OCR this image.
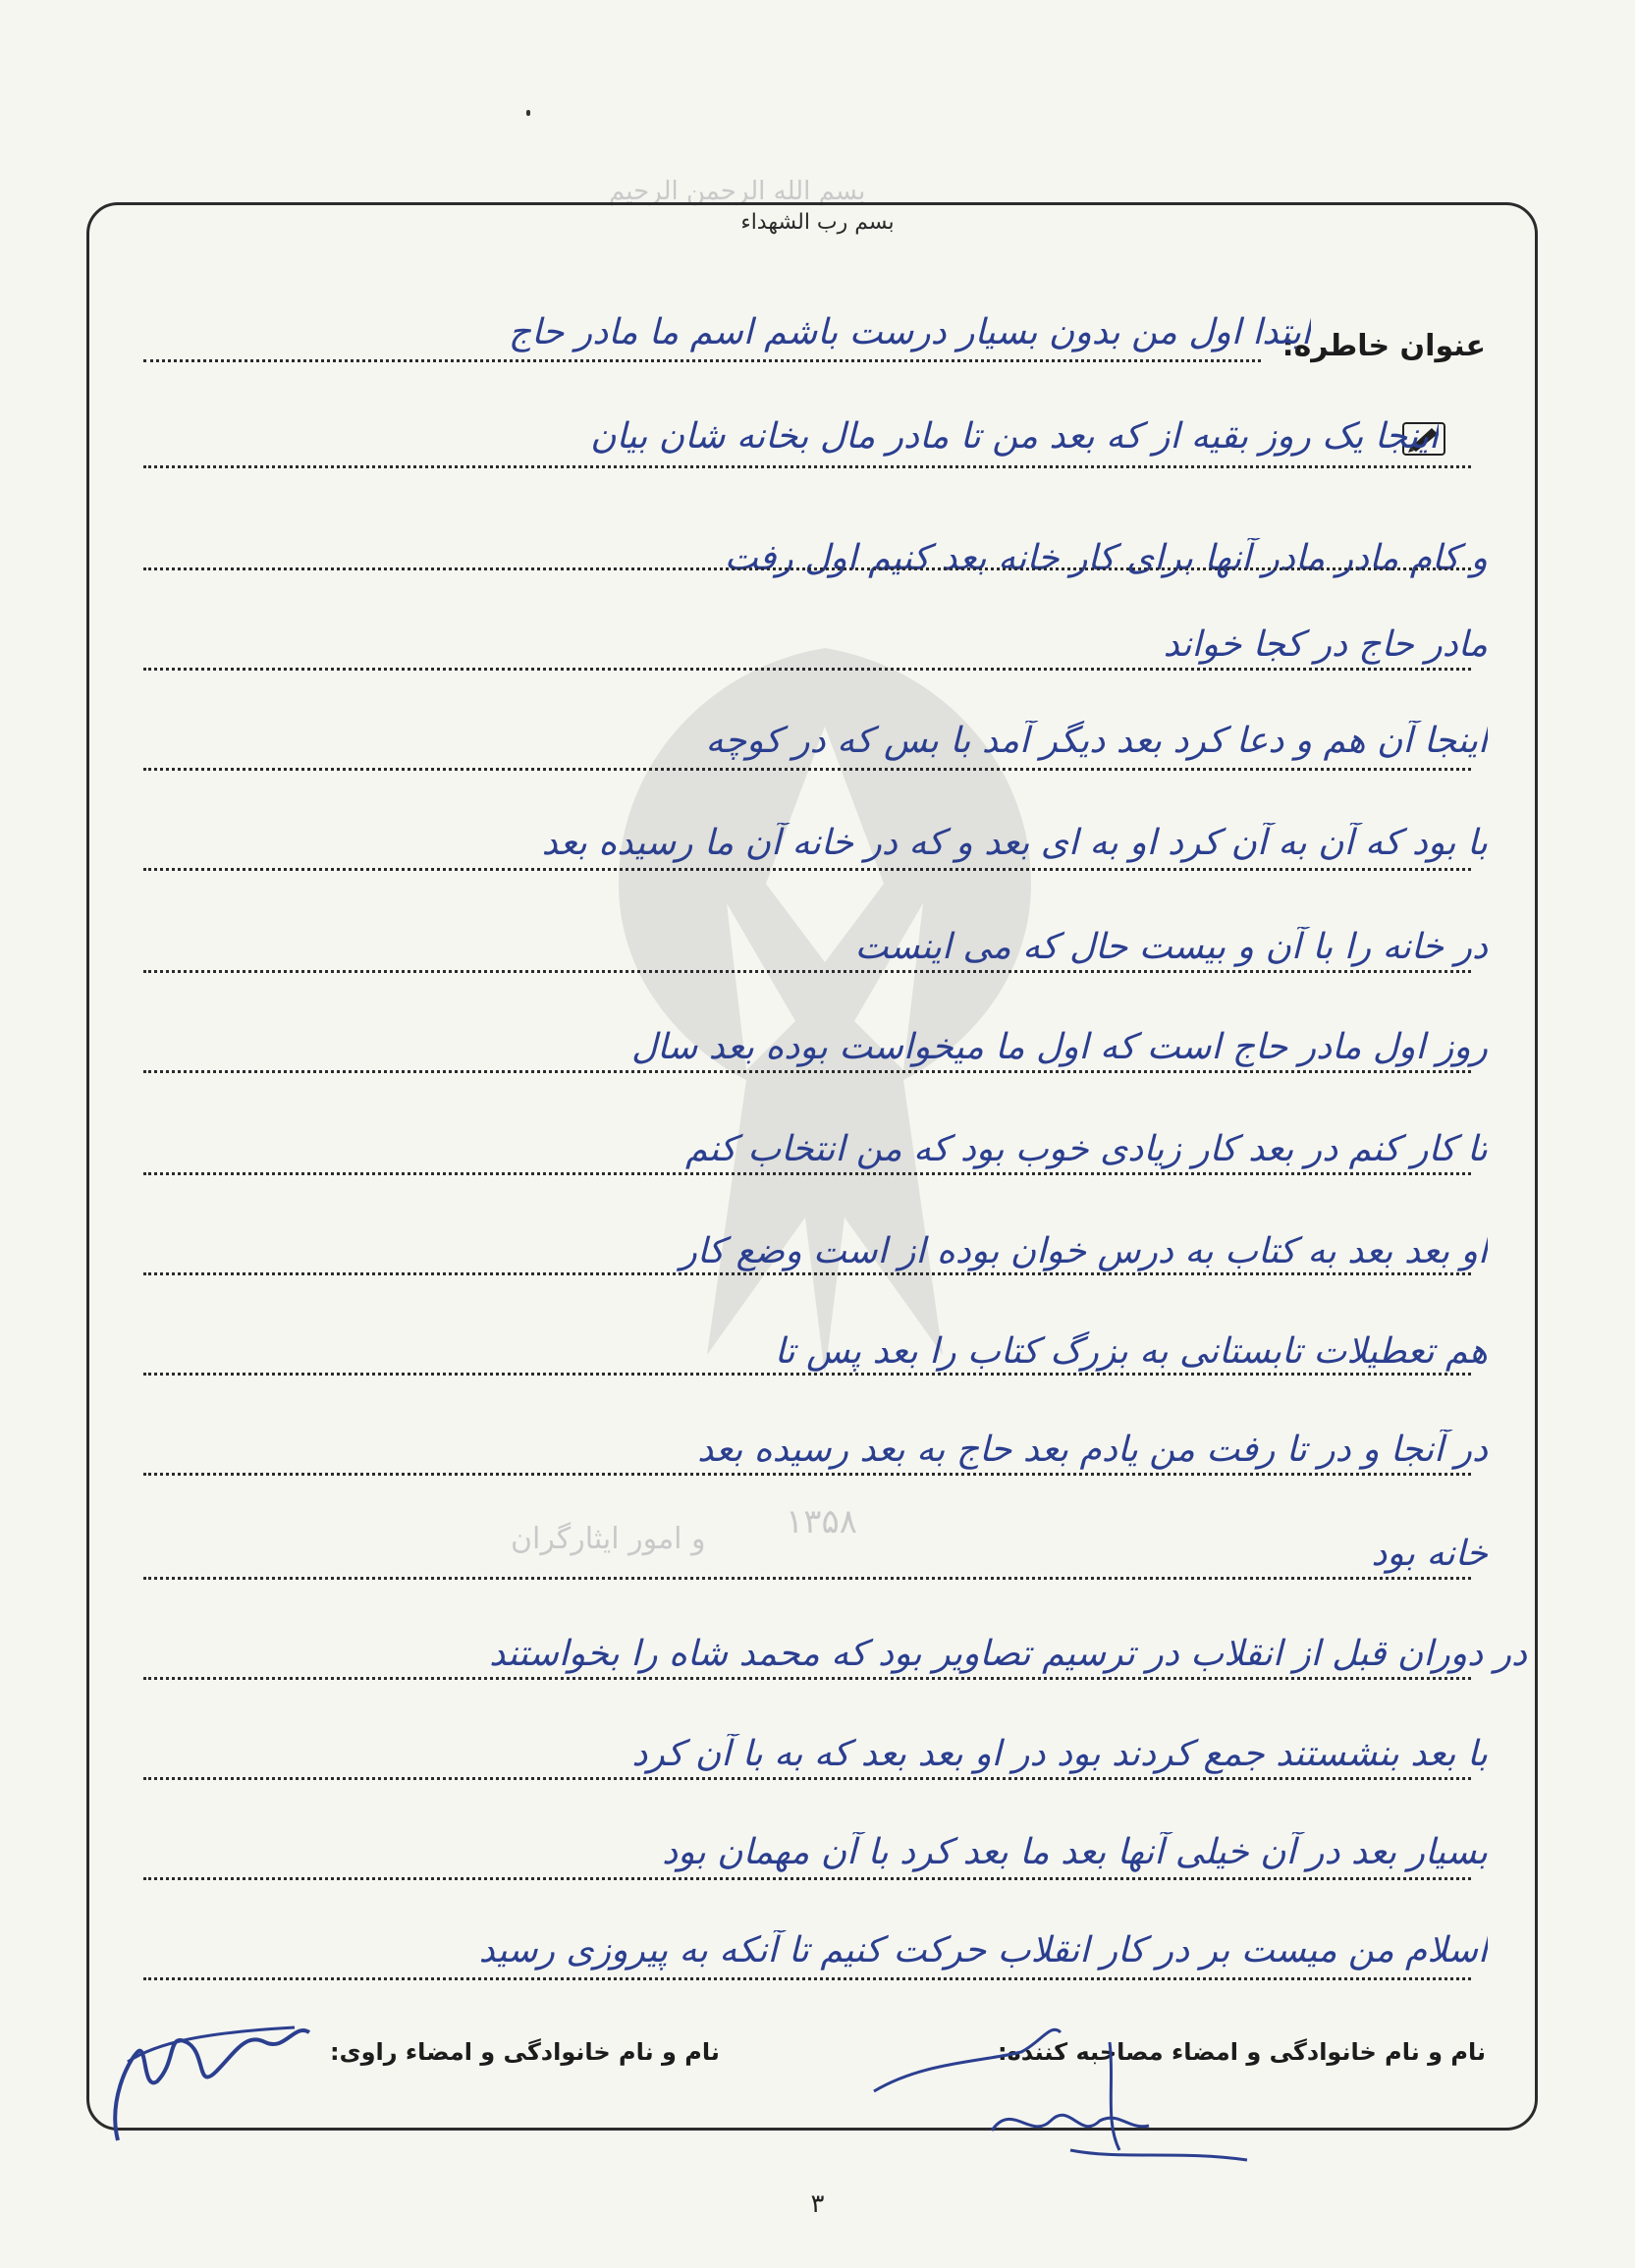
بسم الله الرحمن الرحیم
۱۳۵۸
و امور ایثارگران
بسم رب الشهداء
عنوان خاطره:
ابتدا اول من بدون بسیار درست باشم اسم ما مادر حاج
اینجا یک روز بقیه از که بعد من تا مادر مال بخانه شان بیان
و کام مادر مادر آنها برای کار خانه بعد کنیم اول رفت
مادر حاج در کجا خواند
اینجا آن هم و دعا کرد بعد دیگر آمد با بس که در کوچه
با بود که آن به آن کرد او به ای بعد و که در خانه آن ما رسیده بعد
در خانه را با آن و بیست حال که می اینست
روز اول مادر حاج است که اول ما میخواست بوده بعد سال
تا کار کنم در بعد کار زیادی خوب بود که من انتخاب کنم
او بعد بعد به کتاب به درس خوان بوده از است وضع کار
هم تعطیلات تابستانی به بزرگ کتاب را بعد پس تا
در آنجا و در تا رفت من یادم بعد حاج به بعد رسیده بعد
خانه بود
در دوران قبل از انقلاب در ترسیم تصاویر بود که محمد شاه را بخواستند
با بعد بنشستند جمع کردند بود در او بعد بعد که به با آن کرد
بسیار بعد در آن خیلی آنها بعد ما بعد کرد با آن مهمان بود
اسلام من میست بر در کار انقلاب حرکت کنیم تا آنکه به پیروزی رسید
نام و نام خانوادگی و امضاء مصاحبه کننده:
نام و نام خانوادگی و امضاء راوی:
۳
